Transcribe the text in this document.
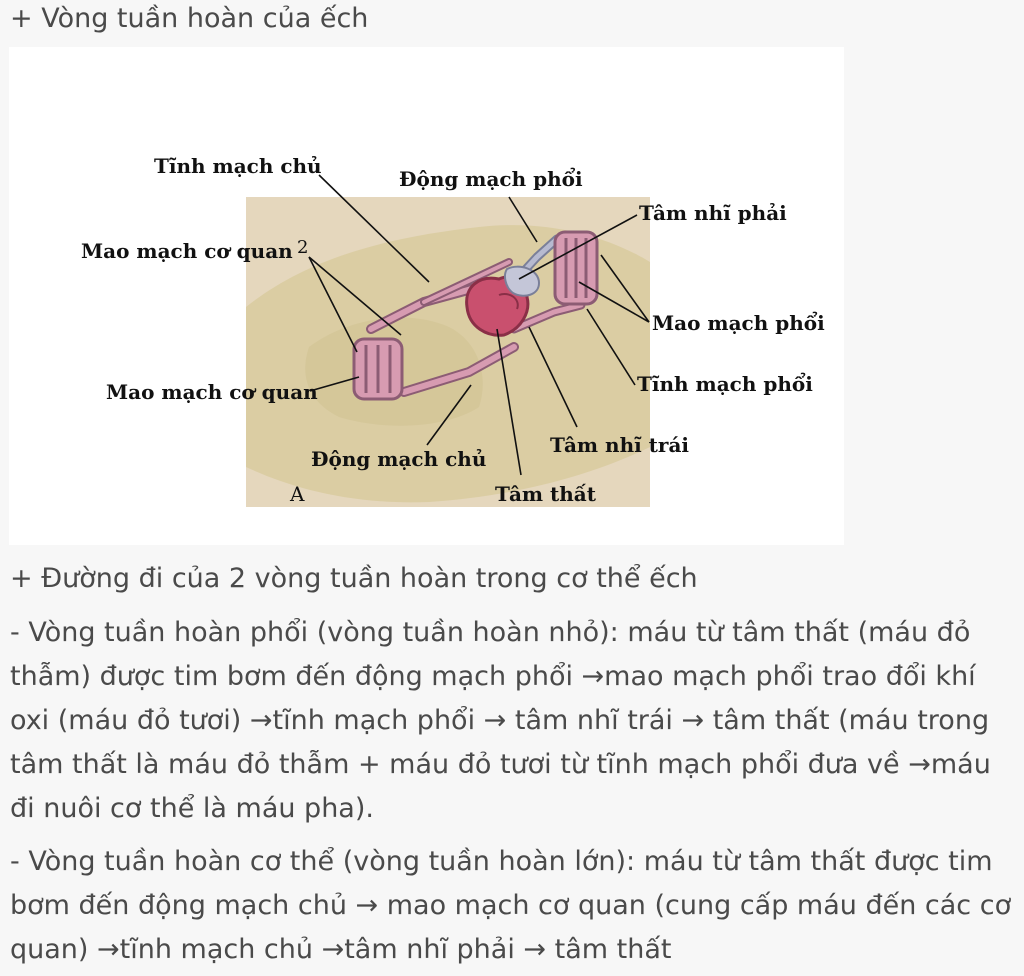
+ Vòng tuần hoàn của ếch
Tĩnh mạch chủ
Động mạch phổi
Tâm nhĩ phải
Mao mạch cơ quan 2
Mao mạch phổi
Tĩnh mạch phổi
Mao mạch cơ quan
Tâm nhĩ trái
Động mạch chủ
Tâm thất
A
+ Đường đi của 2 vòng tuần hoàn trong cơ thể ếch

- Vòng tuần hoàn phổi (vòng tuần hoàn nhỏ): máu từ tâm thất (máu đỏ thẫm) được tim bơm đến động mạch phổi →mao mạch phổi trao đổi khí oxi (máu đỏ tươi) →tĩnh mạch phổi → tâm nhĩ trái → tâm thất (máu trong tâm thất là máu đỏ thẫm + máu đỏ tươi từ tĩnh mạch phổi đưa về →máu đi nuôi cơ thể là máu pha).

- Vòng tuần hoàn cơ thể (vòng tuần hoàn lớn): máu từ tâm thất được tim bơm đến động mạch chủ → mao mạch cơ quan (cung cấp máu đến các cơ quan) →tĩnh mạch chủ →tâm nhĩ phải → tâm thất
